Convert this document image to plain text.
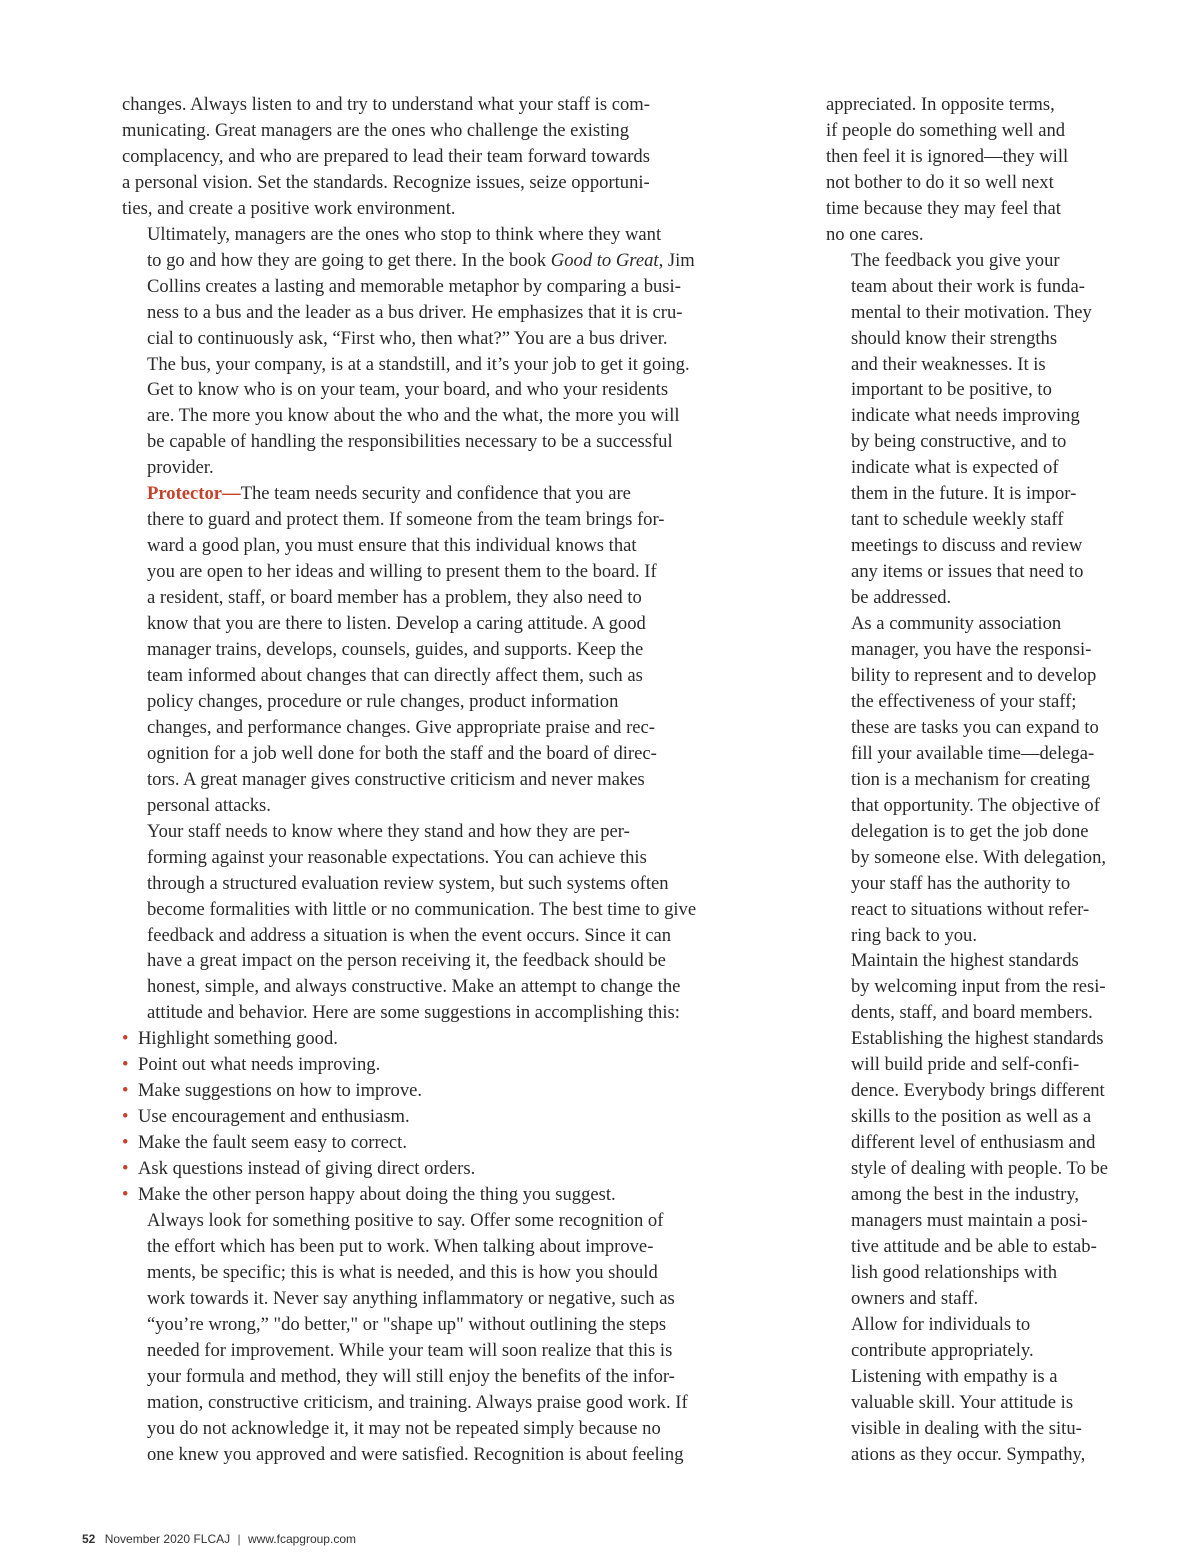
changes. Always listen to and try to understand what your staff is com-
municating. Great managers are the ones who challenge the existing
complacency, and who are prepared to lead their team forward towards
a personal vision. Set the standards. Recognize issues, seize opportuni-
ties, and create a positive work environment.

Ultimately, managers are the ones who stop to think where they want
to go and how they are going to get there. In the book Good to Great, Jim
Collins creates a lasting and memorable metaphor by comparing a busi-
ness to a bus and the leader as a bus driver. He emphasizes that it is cru-
cial to continuously ask, “First who, then what?” You are a bus driver.
The bus, your company, is at a standstill, and it’s your job to get it going.
Get to know who is on your team, your board, and who your residents
are. The more you know about the who and the what, the more you will
be capable of handling the responsibilities necessary to be a successful
provider.

Protector—The team needs security and confidence that you are
there to guard and protect them. If someone from the team brings for-
ward a good plan, you must ensure that this individual knows that
you are open to her ideas and willing to present them to the board. If
a resident, staff, or board member has a problem, they also need to
know that you are there to listen. Develop a caring attitude. A good
manager trains, develops, counsels, guides, and supports. Keep the
team informed about changes that can directly affect them, such as
policy changes, procedure or rule changes, product information
changes, and performance changes. Give appropriate praise and rec-
ognition for a job well done for both the staff and the board of direc-
tors. A great manager gives constructive criticism and never makes
personal attacks.

Your staff needs to know where they stand and how they are per-
forming against your reasonable expectations. You can achieve this
through a structured evaluation review system, but such systems often
become formalities with little or no communication. The best time to give
feedback and address a situation is when the event occurs. Since it can
have a great impact on the person receiving it, the feedback should be
honest, simple, and always constructive. Make an attempt to change the
attitude and behavior. Here are some suggestions in accomplishing this:

• Highlight something good.
• Point out what needs improving.
• Make suggestions on how to improve.
• Use encouragement and enthusiasm.
• Make the fault seem easy to correct.
• Ask questions instead of giving direct orders.
• Make the other person happy about doing the thing you suggest.

Always look for something positive to say. Offer some recognition of
the effort which has been put to work. When talking about improve-
ments, be specific; this is what is needed, and this is how you should
work towards it. Never say anything inflammatory or negative, such as
“you’re wrong,” "do better," or "shape up" without outlining the steps
needed for improvement. While your team will soon realize that this is
your formula and method, they will still enjoy the benefits of the infor-
mation, constructive criticism, and training. Always praise good work. If
you do not acknowledge it, it may not be repeated simply because no
one knew you approved and were satisfied. Recognition is about feeling

appreciated. In opposite terms,
if people do something well and
then feel it is ignored—they will
not bother to do it so well next
time because they may feel that
no one cares.

The feedback you give your
team about their work is funda-
mental to their motivation. They
should know their strengths
and their weaknesses. It is
important to be positive, to
indicate what needs improving
by being constructive, and to
indicate what is expected of
them in the future. It is impor-
tant to schedule weekly staff
meetings to discuss and review
any items or issues that need to
be addressed.

As a community association
manager, you have the responsi-
bility to represent and to develop
the effectiveness of your staff;
these are tasks you can expand to
fill your available time—delega-
tion is a mechanism for creating
that opportunity. The objective of
delegation is to get the job done
by someone else. With delegation,
your staff has the authority to
react to situations without refer-
ring back to you.

Maintain the highest standards
by welcoming input from the resi-
dents, staff, and board members.
Establishing the highest standards
will build pride and self-confi-
dence. Everybody brings different
skills to the position as well as a
different level of enthusiasm and
style of dealing with people. To be
among the best in the industry,
managers must maintain a posi-
tive attitude and be able to estab-
lish good relationships with
owners and staff.

Allow for individuals to
contribute appropriately.
Listening with empathy is a
valuable skill. Your attitude is
visible in dealing with the situ-
ations as they occur. Sympathy,

52 November 2020 FLCAJ | www.fcapgroup.com
